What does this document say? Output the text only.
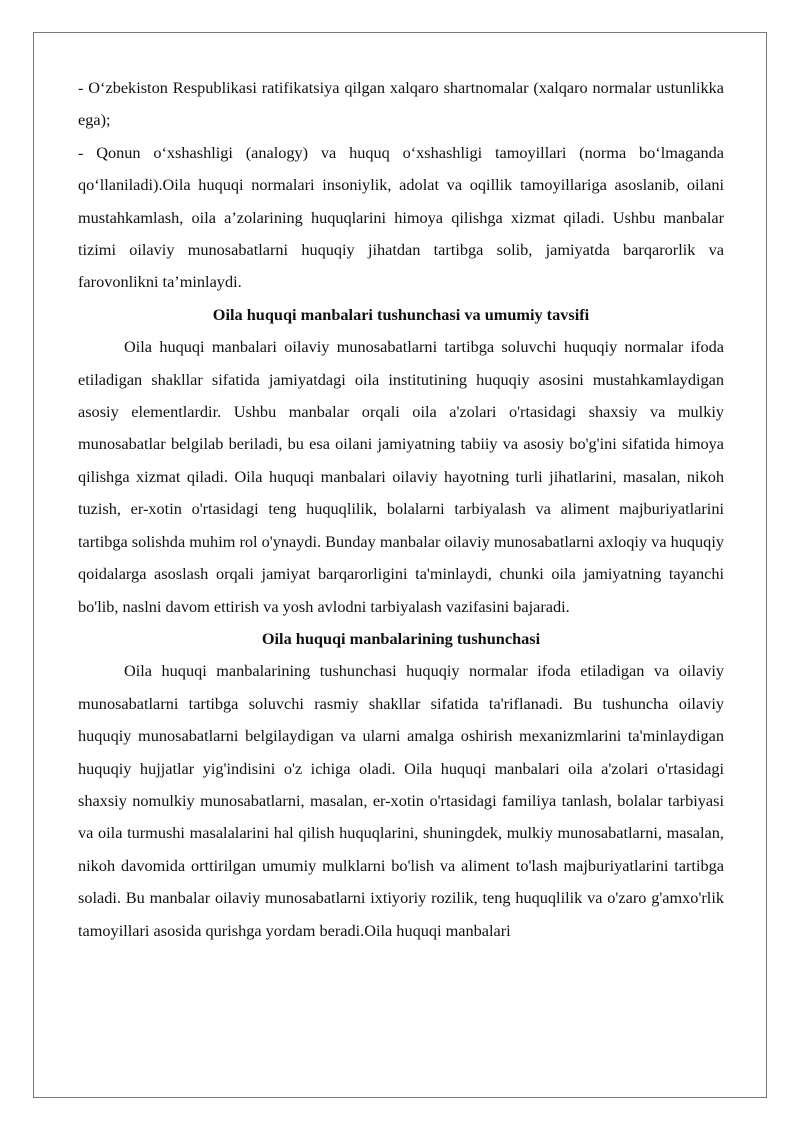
- O‘zbekiston Respublikasi ratifikatsiya qilgan xalqaro shartnomalar (xalqaro normalar ustunlikka ega);

- Qonun o‘xshashligi (analogy) va huquq o‘xshashligi tamoyillari (norma bo‘lmaganda qo‘llaniladi).Oila huquqi normalari insoniylik, adolat va oqillik tamoyillariga asoslanib, oilani mustahkamlash, oila a’zolarining huquqlarini himoya qilishga xizmat qiladi. Ushbu manbalar tizimi oilaviy munosabatlarni huquqiy jihatdan tartibga solib, jamiyatda barqarorlik va farovonlikni ta’minlaydi.

Oila huquqi manbalari tushunchasi va umumiy tavsifi

Oila huquqi manbalari oilaviy munosabatlarni tartibga soluvchi huquqiy normalar ifoda etiladigan shakllar sifatida jamiyatdagi oila institutining huquqiy asosini mustahkamlaydigan asosiy elementlardir. Ushbu manbalar orqali oila a'zolari o'rtasidagi shaxsiy va mulkiy munosabatlar belgilab beriladi, bu esa oilani jamiyatning tabiiy va asosiy bo'g'ini sifatida himoya qilishga xizmat qiladi. Oila huquqi manbalari oilaviy hayotning turli jihatlarini, masalan, nikoh tuzish, er-xotin o'rtasidagi teng huquqlilik, bolalarni tarbiyalash va aliment majburiyatlarini tartibga solishda muhim rol o'ynaydi. Bunday manbalar oilaviy munosabatlarni axloqiy va huquqiy qoidalarga asoslash orqali jamiyat barqarorligini ta'minlaydi, chunki oila jamiyatning tayanchi bo'lib, naslni davom ettirish va yosh avlodni tarbiyalash vazifasini bajaradi.

Oila huquqi manbalarining tushunchasi

Oila huquqi manbalarining tushunchasi huquqiy normalar ifoda etiladigan va oilaviy munosabatlarni tartibga soluvchi rasmiy shakllar sifatida ta'riflanadi. Bu tushuncha oilaviy huquqiy munosabatlarni belgilaydigan va ularni amalga oshirish mexanizmlarini ta'minlaydigan huquqiy hujjatlar yig'indisini o'z ichiga oladi. Oila huquqi manbalari oila a'zolari o'rtasidagi shaxsiy nomulkiy munosabatlarni, masalan, er-xotin o'rtasidagi familiya tanlash, bolalar tarbiyasi va oila turmushi masalalarini hal qilish huquqlarini, shuningdek, mulkiy munosabatlarni, masalan, nikoh davomida orttirilgan umumiy mulklarni bo'lish va aliment to'lash majburiyatlarini tartibga soladi. Bu manbalar oilaviy munosabatlarni ixtiyoriy rozilik, teng huquqlilik va o'zaro g'amxo'rlik tamoyillari asosida qurishga yordam beradi.Oila huquqi manbalari
